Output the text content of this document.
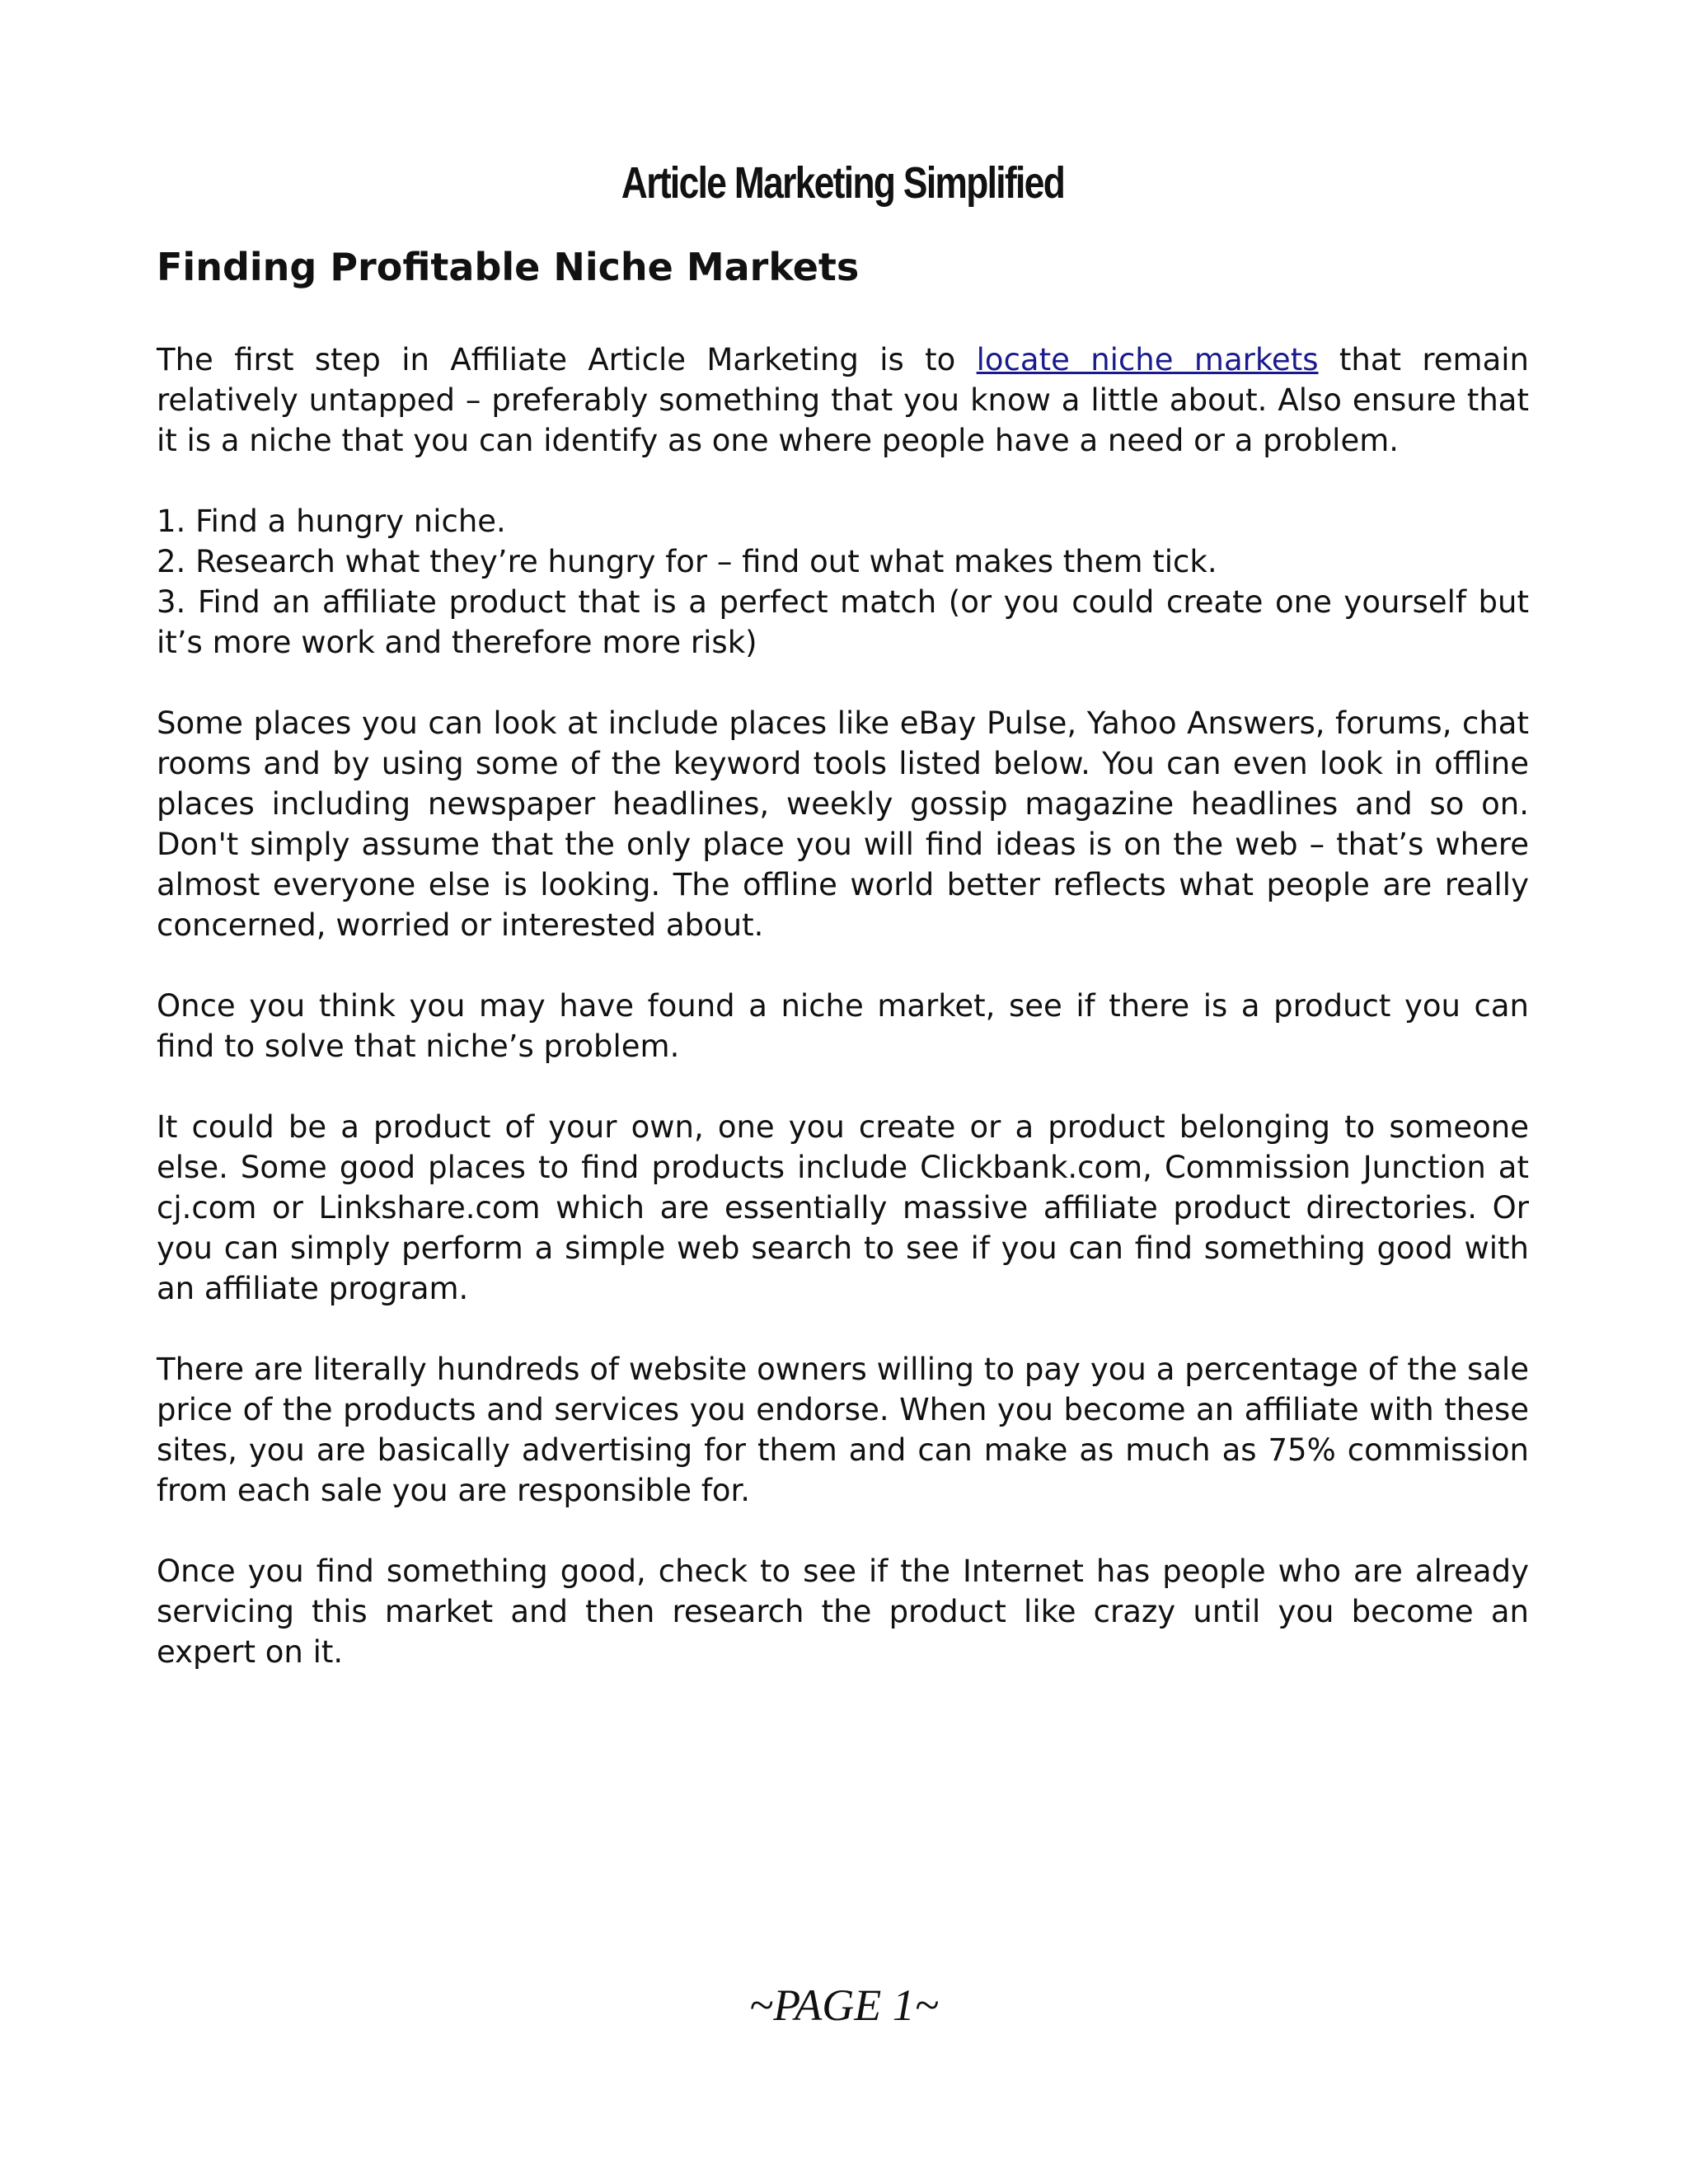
Article Marketing Simplified
Finding Profitable Niche Markets

The first step in Affiliate Article Marketing is to locate niche markets that remain relatively untapped – preferably something that you know a little about. Also ensure that it is a niche that you can identify as one where people have a need or a problem.

1. Find a hungry niche.
2. Research what they’re hungry for – find out what makes them tick.
3. Find an affiliate product that is a perfect match (or you could create one yourself but it’s more work and therefore more risk)

Some places you can look at include places like eBay Pulse, Yahoo Answers, forums, chat rooms and by using some of the keyword tools listed below. You can even look in offline places including newspaper headlines, weekly gossip magazine headlines and so on. Don't simply assume that the only place you will find ideas is on the web – that’s where almost everyone else is looking. The offline world better reflects what people are really concerned, worried or interested about.

Once you think you may have found a niche market, see if there is a product you can find to solve that niche’s problem.

It could be a product of your own, one you create or a product belonging to someone else. Some good places to find products include Clickbank.com, Commission Junction at cj.com or Linkshare.com which are essentially massive affiliate product directories. Or you can simply perform a simple web search to see if you can find something good with an affiliate program.

There are literally hundreds of website owners willing to pay you a percentage of the sale price of the products and services you endorse. When you become an affiliate with these sites, you are basically advertising for them and can make as much as 75% commission from each sale you are responsible for.

Once you find something good, check to see if the Internet has people who are already servicing this market and then research the product like crazy until you become an expert on it.

~PAGE 1~
